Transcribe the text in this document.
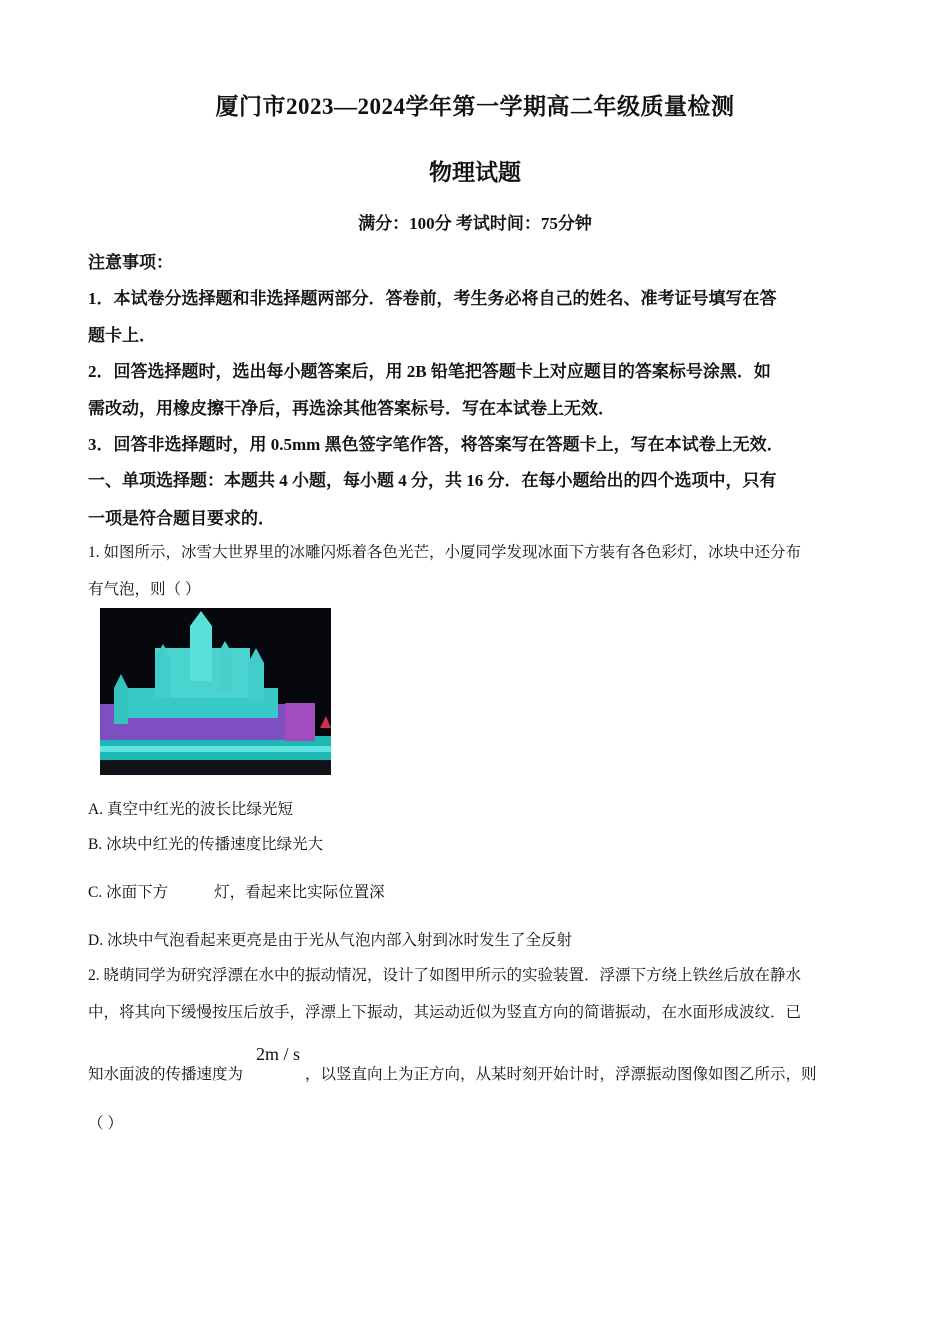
厦门市2023—2024学年第一学期高二年级质量检测
物理试题
满分：100分 考试时间：75分钟
注意事项：
1．本试卷分选择题和非选择题两部分．答卷前，考生务必将自己的姓名、准考证号填写在答
题卡上．
2．回答选择题时，选出每小题答案后，用 2B 铅笔把答题卡上对应题目的答案标号涂黑．如
需改动，用橡皮擦干净后，再选涂其他答案标号．写在本试卷上无效．
3．回答非选择题时，用 0.5mm 黑色签字笔作答，将答案写在答题卡上，写在本试卷上无效．
一、单项选择题：本题共 4 小题，每小题 4 分，共 16 分．在每小题给出的四个选项中，只有
一项是符合题目要求的．
1. 如图所示，冰雪大世界里的冰雕闪烁着各色光芒，小厦同学发现冰面下方装有各色彩灯，冰块中还分布
有气泡，则（ ）
A. 真空中红光的波长比绿光短
B. 冰块中红光的传播速度比绿光大
C. 冰面下方	灯，看起来比实际位置深
D. 冰块中气泡看起来更亮是由于光从气泡内部入射到冰时发生了全反射
2. 晓萌同学为研究浮漂在水中的振动情况，设计了如图甲所示的实验装置．浮漂下方绕上铁丝后放在静水
中，将其向下缓慢按压后放手，浮漂上下振动，其运动近似为竖直方向的简谐振动，在水面形成波纹．已
知水面波的传播速度为
2m / s
，以竖直向上为正方向，从某时刻开始计时，浮漂振动图像如图乙所示，则
（ ）
